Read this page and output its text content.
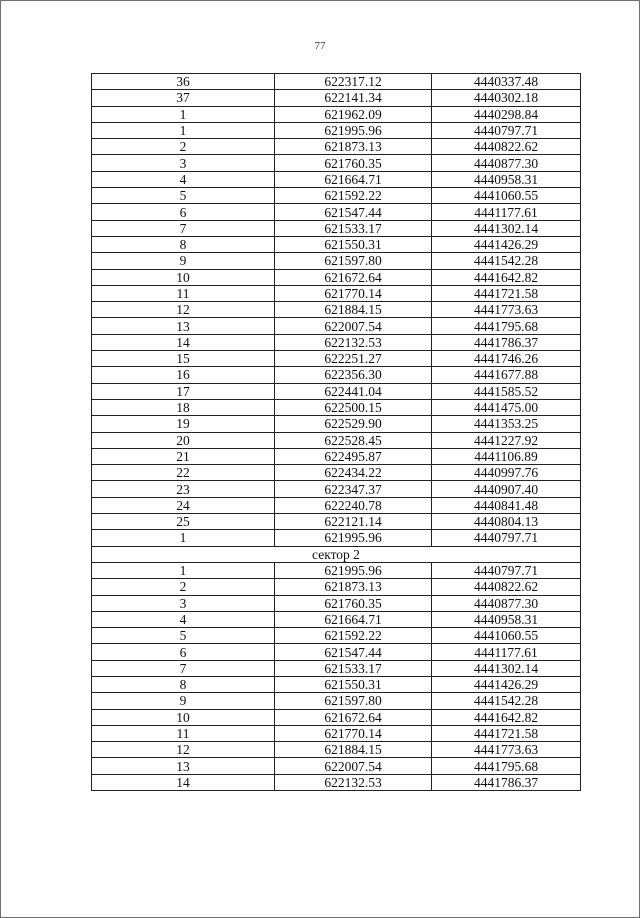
77
36	622317.12	4440337.48
37	622141.34	4440302.18
1	621962.09	4440298.84
1	621995.96	4440797.71
2	621873.13	4440822.62
3	621760.35	4440877.30
4	621664.71	4440958.31
5	621592.22	4441060.55
6	621547.44	4441177.61
7	621533.17	4441302.14
8	621550.31	4441426.29
9	621597.80	4441542.28
10	621672.64	4441642.82
11	621770.14	4441721.58
12	621884.15	4441773.63
13	622007.54	4441795.68
14	622132.53	4441786.37
15	622251.27	4441746.26
16	622356.30	4441677.88
17	622441.04	4441585.52
18	622500.15	4441475.00
19	622529.90	4441353.25
20	622528.45	4441227.92
21	622495.87	4441106.89
22	622434.22	4440997.76
23	622347.37	4440907.40
24	622240.78	4440841.48
25	622121.14	4440804.13
1	621995.96	4440797.71
сектор 2		
1	621995.96	4440797.71
2	621873.13	4440822.62
3	621760.35	4440877.30
4	621664.71	4440958.31
5	621592.22	4441060.55
6	621547.44	4441177.61
7	621533.17	4441302.14
8	621550.31	4441426.29
9	621597.80	4441542.28
10	621672.64	4441642.82
11	621770.14	4441721.58
12	621884.15	4441773.63
13	622007.54	4441795.68
14	622132.53	4441786.37
